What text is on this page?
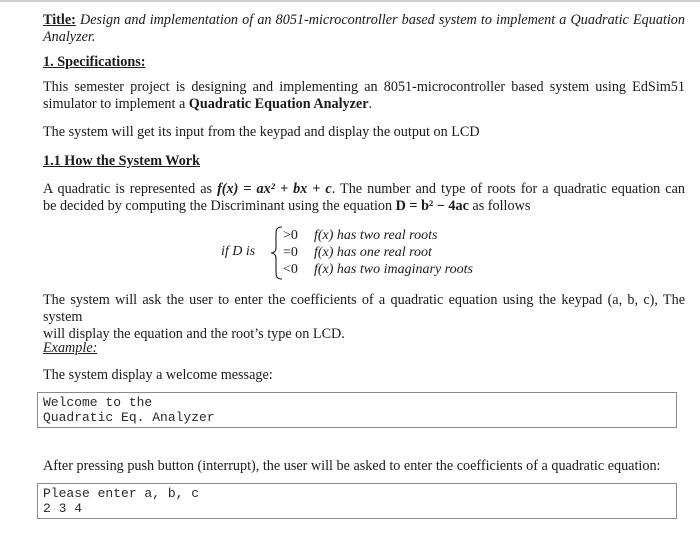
Title: Design and implementation of an 8051-microcontroller based system to implement a Quadratic Equation
Analyzer.
1. Specifications:
This semester project is designing and implementing an 8051-microcontroller based system using EdSim51
simulator to implement a Quadratic Equation Analyzer.
The system will get its input from the keypad and display the output on LCD
1.1 How the System Work
A quadratic is represented as f(x) = ax² + bx + c. The number and type of roots for a quadratic equation can
be decided by computing the Discriminant using the equation D = b² − 4ac as follows
if D is
>0 f(x) has two real roots
=0 f(x) has one real root
<0 f(x) has two imaginary roots
The system will ask the user to enter the coefficients of a quadratic equation using the keypad (a, b, c), The system
will display the equation and the root’s type on LCD.
Example:
The system display a welcome message:
Welcome to the
Quadratic Eq. Analyzer
After pressing push button (interrupt), the user will be asked to enter the coefficients of a quadratic equation:
Please enter a, b, c
2 3 4
